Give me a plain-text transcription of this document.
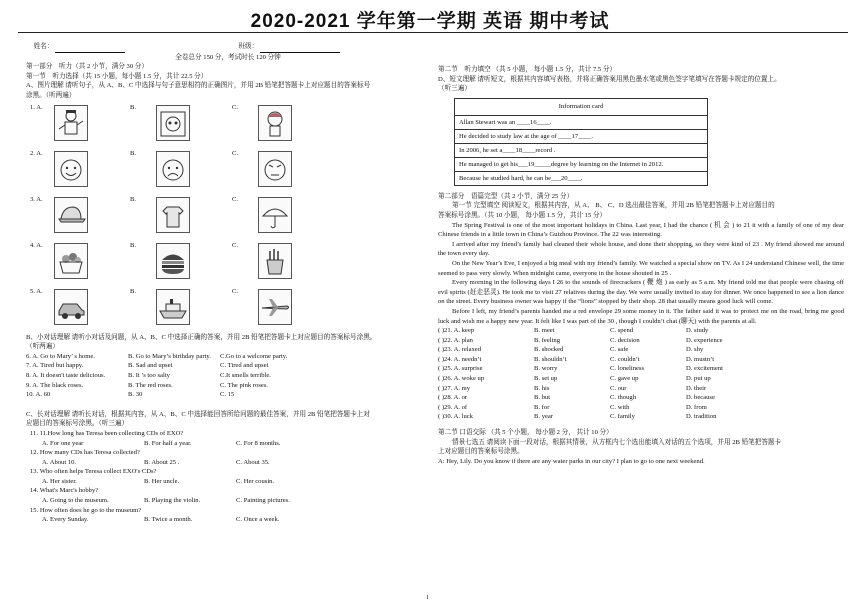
2020-2021 学年第一学期 英语 期中考试
姓名：	班级：
全卷总分 150 分，考试时长 120 分钟
第一部分　听力（共 2 小节，满分 30 分）
第一节　听力选择（共 15 小题，每小题 1.5 分，共计 22.5 分）
A、图片理解 请听句子，从 A、B、C 中选择与句子意思相符的正确图片，并用 2B 铅笔把答题卡上对应题目的答案标号
涂黑。（听两遍）
1. A.	B.	C.
2. A.	B.	C.
3. A.	B.	C.
4. A.	B.	C.
5. A.	B.	C.
B、小对话理解 请听小对话及问题，从 A、B、C 中选择正确的答案，并用 2B 铅笔把答题卡上对应题目的答案标号涂黑。
（听两遍）
6. A. Go to Mary’ s home.	B. Go to Mary’s birthday party.	C.Go to a welcome party.
7. A. Tired but happy.	B. Sad and upset	C. Tired and upset
8. A. It doesn't taste delicious.	B. It ’s too salty	C.It smells terrible.
9. A. The black roses.	B. The red roses.	C. The pink roses.
10. A. 60	B. 30	C. 15
C、长对话理解 请听长对话，根据其内容，从 A、B、C 中选择能回答所给问题的最佳答案，并用 2B 铅笔把答题卡上对
应题目的答案标号涂黑。（听三遍）
11. 11.How long has Teresa been collecting CDs of EXO?
A. For one year	B. For half a year.	C. For 8 months.
12. How many CDs has Teresa collected?
A. About 10.	B. About 25 .	C. About 35.
13. Who often helps Teresa collect EXO's CDs?
A. Her sister.	B. Her uncle.	C. Her cousin.
14. What's Marc's hobby?
A. Going to the museum.	B. Playing the violin.	C. Painting pictures.
15. How often does he go to the museum?
A. Every Sunday.	B. Twice a month.	C. Once a week.
第二节　听力填空 （共 5 小题， 每小题 1.5 分，共计 7.5 分）
D、短文理解 请听短文，根据其内容填写表格，并将正确答案用黑色墨水笔或黑色签字笔填写在答题卡规定的位置上。
（听三遍）
Information card
Allan Stewart was an ____16____.
He decided to study law at the age of ____17____.
In 2006, he set a____18____record .
He managed to get his___19_____degree by learning on the Internet in 2012.
Because he studied hard, he can be___20____.
第二部分　语篇完型（共 2 小节，满分 25 分）
第一节 完型填空 阅读短文，根据其内容，从 A、 B、 C、D 选出最佳答案，并用 2B 铅笔把答题卡上对应题目的
答案标号涂黑。（共 10 小题， 每小题 1.5 分，共计 15 分）
The Spring Festival is one of the most important holidays in China. Last year, I had the chance ( 机 会 ) to 21 it with a family of one of my dear Chinese friends in a little town in China’s Guizhou Province. The 22 was interesting.
I arrived after my friend’s family had cleaned their whole house, and done their shopping, so they were kind of 23 . My friend showed me around the town every day.
On the New Year’s Eve, I enjoyed a big meal with my friend’s family. We watched a special show on TV. As I 24 understand Chinese well, the time seemed to pass very slowly. When midnight came, everyone in the house shouted in 25 .
Every morning in the following days I 26 to the sounds of firecrackers ( 鞭 炮 ) as early as 5 a.m. My friend told me that people were chasing off evil spirits (赶走恶灵). He took me to visit 27 relatives during the day. We were usually invited to stay for dinner. We once happened to see a lion dance on the street. Every business owner was happy if the “lions” stopped by their shop. 28 that usually means good luck will come.
Before I left, my friend’s parents handed me a red envelope 29 some money in it. The father said it was to protect me on the road, bring me good luck and wish me a happy new year. It felt like I was part of the 30 , though I couldn’t chat (聊天) with the parents at all.
( )21. A. keep	B. meet	C. spend	D. study
( )22. A. plan	B. feeling	C. decision	D. experience
( )23. A. relaxed	B. shocked	C. safe	D. shy
( )24. A. needn’t	B. shouldn’t	C. couldn’t	D. mustn’t
( )25. A. surprise	B. worry	C. loneliness	D. excitement
( )26. A. woke up	B. set up	C. gave up	D. put up
( )27. A. my	B. his	C. our	D. their
( )28. A. or	B. but	C. though	D. because
( )29. A. of	B. for	C. with	D. from
( )30. A. luck	B. year	C. family	D. tradition
第二节 口语交际 （共 5 个小题， 每小题 2 分， 共计 10 分）
情景七选五 请阅读下面一段对话，根据其情景，从方框内七个选出能填入对话的五个选项，并用 2B 铅笔把答题卡
上对应题目的答案标号涂黑。
A: Hey, Lily. Do you know if there are any water parks in our city? I plan to go to one next weekend.
1
